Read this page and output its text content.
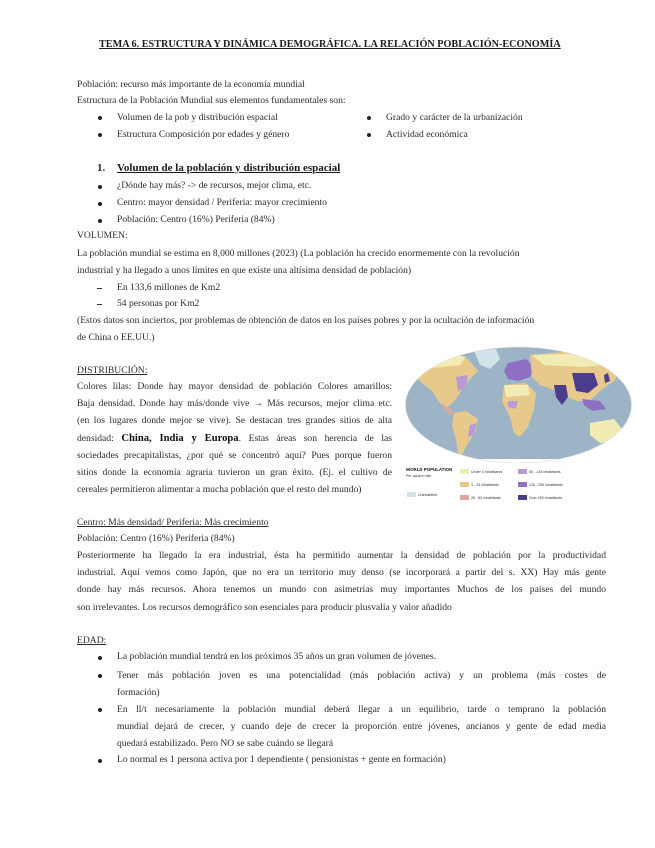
TEMA 6. ESTRUCTURA Y DINÁMICA DEMOGRÁFICA. LA RELACIÓN POBLACIÓN-ECONOMÍA
Población: recurso más importante de la economía mundial
Estructura de la Población Mundial sus elementos fundamentales son:
Volumen de la pob y distribución espacial
Estructura Composición por edades y género
Grado y carácter de la urbanización
Actividad económica
1. Volumen de la población y distribución espacial
¿Dónde hay más? -> de recursos, mejor clima, etc.
Centro: mayor densidad / Periferia: mayor crecimiento
Población: Centro (16%) Periferia (84%)
VOLUMEN:
La población mundial se estima en 8,000 millones (2023) (La población ha crecido enormemente con la revolución
industrial y ha llegado a unos límites en que existe una altísima densidad de población)
En 133,6 millones de Km2
54 personas por Km2
(Estos datos son inciertos, por problemas de obtención de datos en los países pobres y por la ocultación de información
de China o EE.UU.)
DISTRIBUCIÓN:
Colores lilas: Donde hay mayor densidad de población Colores amarillos:
Baja densidad. Donde hay más/donde vive → Más recursos, mejor clima etc.
(en los lugares donde mejor se vive). Se destacan tres grandes sitios de alta
densidad: China, India y Europa. Estas áreas son herencia de las
sociedades precapitalistas, ¿por qué se concentró aquí? Pues porque fueron
sitios donde la economía agraria tuvieron un gran éxito. (Ej. el cultivo de
cereales permitieron alimentar a mucha población que el resto del mundo)
WORLD POPULATION
Per square mile
Uninhabited
Under 3 inhabitants
3 - 25 inhabitants
26 - 60 inhabitants
60 - 125 inhabitants
125 - 250 inhabitants
Over 250 inhabitants
Centro: Más densidad/ Periferia: Más crecimiento
Población: Centro (16%) Periferia (84%)
Posteriormente ha llegado la era industrial, ésta ha permitido aumentar la densidad de población por la productividad
industrial. Aquí vemos como Japón, que no era un territorio muy denso (se incorporará a partir del s. XX) Hay más gente
donde hay más recursos. Ahora tenemos un mundo con asimetrías muy importantes Muchos de los países del mundo
son irrelevantes. Los recursos demográfico son esenciales para producir plusvalía y valor añadido
EDAD:
La población mundial tendrá en los próximos 35 años un gran volumen de jóvenes.
Tener más población joven es una potencialidad (más población activa) y un problema (más costes de
formación)
En ll/t necesariamente la población mundial deberá llegar a un equilibrio, tarde o temprano la población
mundial dejará de crecer, y cuando deje de crecer la proporción entre jóvenes, ancianos y gente de edad media
quedará estabilizado. Pero NO se sabe cuándo se llegará
Lo normal es 1 persona activa por 1 dependiente ( pensionistas + gente en formación)
